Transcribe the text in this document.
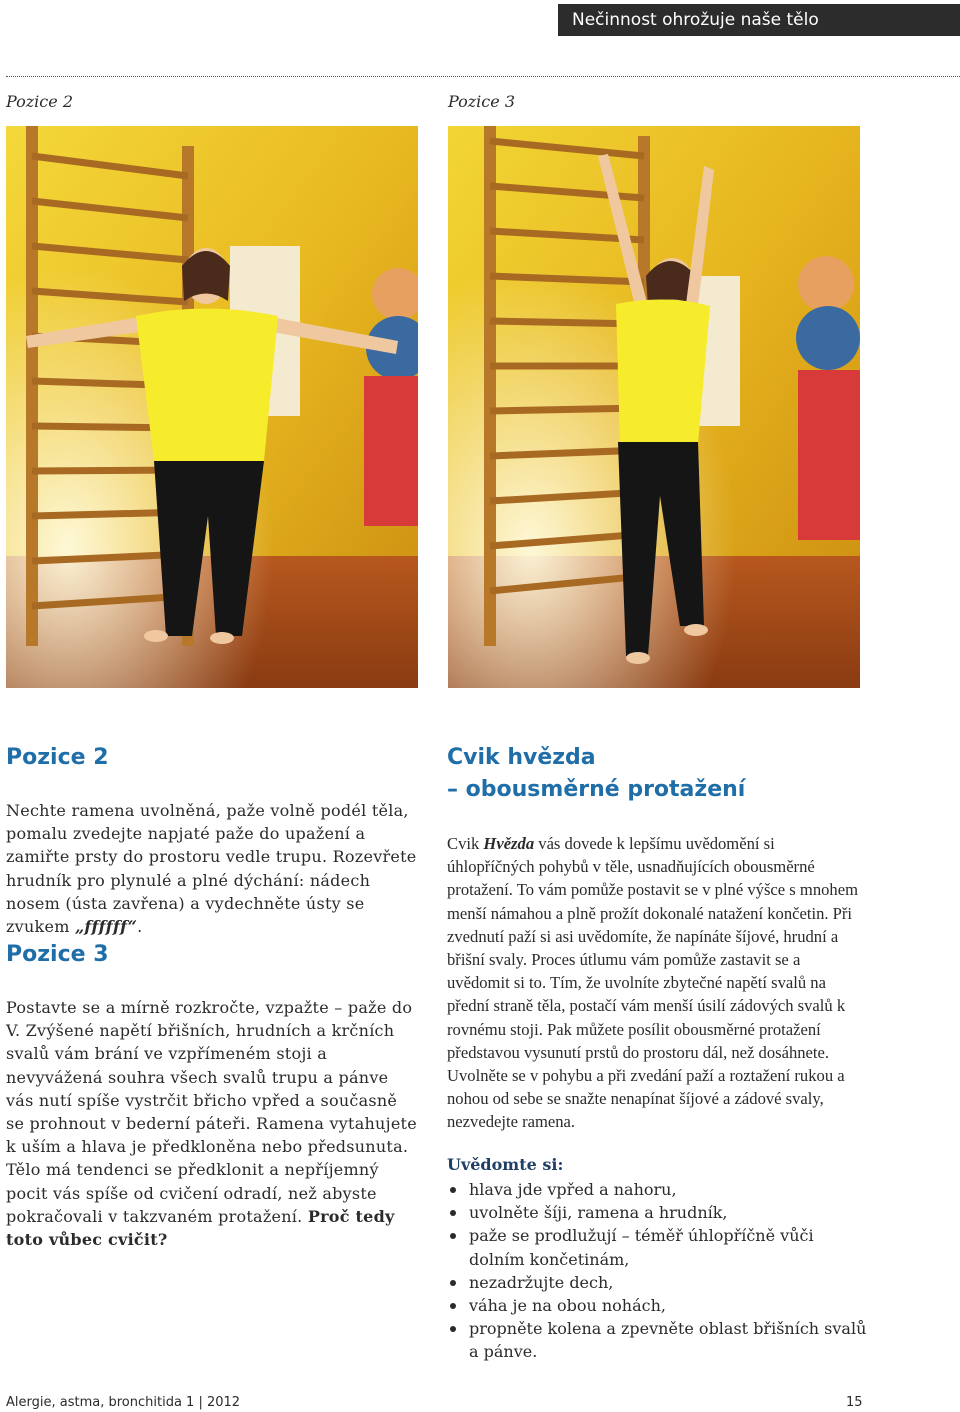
Nečinnost ohrožuje naše tělo
Pozice 2	Pozice 3
Pozice 2
Nechte ramena uvolněná, paže volně podél těla, pomalu zvedejte napjaté paže do upažení a zamiřte prsty do prostoru vedle trupu. Rozevřete hrudník pro plynulé a plné dýchání: nádech nosem (ústa zavřena) a vydechněte ústy se zvukem „ffffff“.
Pozice 3
Postavte se a mírně rozkročte, vzpažte – paže do V. Zvýšené napětí břišních, hrudních a krčních svalů vám brání ve vzpřímeném stoji a nevyvážená souhra všech svalů trupu a pánve vás nutí spíše vystrčit břicho vpřed a současně se prohnout v bederní páteři. Ramena vytahujete k uším a hlava je předkloněna nebo předsunuta. Tělo má tendenci se předklonit a nepříjemný pocit vás spíše od cvičení odradí, než abyste pokračovali v takzvaném protažení. Proč tedy toto vůbec cvičit?
Cvik hvězda
– obousměrné protažení
Cvik Hvězda vás dovede k lepšímu uvědomění si úhlopříčných pohybů v těle, usnadňujících obousměrné protažení. To vám pomůže postavit se v plné výšce s mnohem menší námahou a plně prožít dokonalé natažení končetin. Při zvednutí paží si asi uvědomíte, že napínáte šíjové, hrudní a břišní svaly. Proces útlumu vám pomůže zastavit se a uvědomit si to. Tím, že uvolníte zbytečné napětí svalů na přední straně těla, postačí vám menší úsilí zádových svalů k rovnému stoji. Pak můžete posílit obousměrné protažení představou vysunutí prstů do prostoru dál, než dosáhnete. Uvolněte se v pohybu a při zvedání paží a roztažení rukou a nohou od sebe se snažte nenapínat šíjové a zádové svaly, nezvedejte ramena.
Uvědomte si:
hlava jde vpřed a nahoru,
uvolněte šíji, ramena a hrudník,
paže se prodlužují – téměř úhlopříčně vůči dolním končetinám,
nezadržujte dech,
váha je na obou nohách,
propněte kolena a zpevněte oblast břišních svalů a pánve.
Alergie, astma, bronchitida 1 | 2012	15
